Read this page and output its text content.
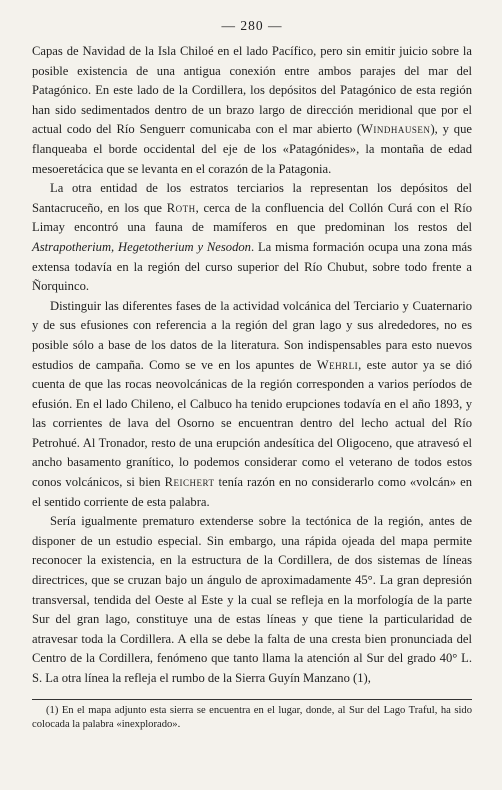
— 280 —

Capas de Navidad de la Isla Chiloé en el lado Pacífico, pero sin emitir juicio sobre la posible existencia de una antigua conexión entre ambos parajes del mar del Patagónico. En este lado de la Cordillera, los depósitos del Patagónico de esta región han sido sedimentados dentro de un brazo largo de dirección meridional que por el actual codo del Río Senguerr comunicaba con el mar abierto (Windhausen), y que flanqueaba el borde occidental del eje de los «Patagónides», la montaña de edad mesoeretácica que se levanta en el corazón de la Patagonia.

La otra entidad de los estratos terciarios la representan los depósitos del Santacruceño, en los que Roth, cerca de la confluencia del Collón Curá con el Río Limay encontró una fauna de mamíferos en que predominan los restos del Astrapotherium, Hegetotherium y Nesodon. La misma formación ocupa una zona más extensa todavía en la región del curso superior del Río Chubut, sobre todo frente a Ñorquinco.

Distinguir las diferentes fases de la actividad volcánica del Terciario y Cuaternario y de sus efusiones con referencia a la región del gran lago y sus alrededores, no es posible sólo a base de los datos de la literatura. Son indispensables para esto nuevos estudios de campaña. Como se ve en los apuntes de Wehrli, este autor ya se dió cuenta de que las rocas neovolcánicas de la región corresponden a varios períodos de efusión. En el lado Chileno, el Calbuco ha tenido erupciones todavía en el año 1893, y las corrientes de lava del Osorno se encuentran dentro del lecho actual del Río Petrohué. Al Tronador, resto de una erupción andesítica del Oligoceno, que atravesó el ancho basamento granítico, lo podemos considerar como el veterano de todos estos conos volcánicos, si bien Reichert tenía razón en no considerarlo como «volcán» en el sentido corriente de esta palabra.

Sería igualmente prematuro extenderse sobre la tectónica de la región, antes de disponer de un estudio especial. Sin embargo, una rápida ojeada del mapa permite reconocer la existencia, en la estructura de la Cordillera, de dos sistemas de líneas directrices, que se cruzan bajo un ángulo de aproximadamente 45°. La gran depresión transversal, tendida del Oeste al Este y la cual se refleja en la morfología de la parte Sur del gran lago, constituye una de estas líneas y que tiene la particularidad de atravesar toda la Cordillera. A ella se debe la falta de una cresta bien pronunciada del Centro de la Cordillera, fenómeno que tanto llama la atención al Sur del grado 40° L. S. La otra línea la refleja el rumbo de la Sierra Guyín Manzano (1),

(1) En el mapa adjunto esta sierra se encuentra en el lugar, donde, al Sur del Lago Traful, ha sido colocada la palabra «inexplorado».
